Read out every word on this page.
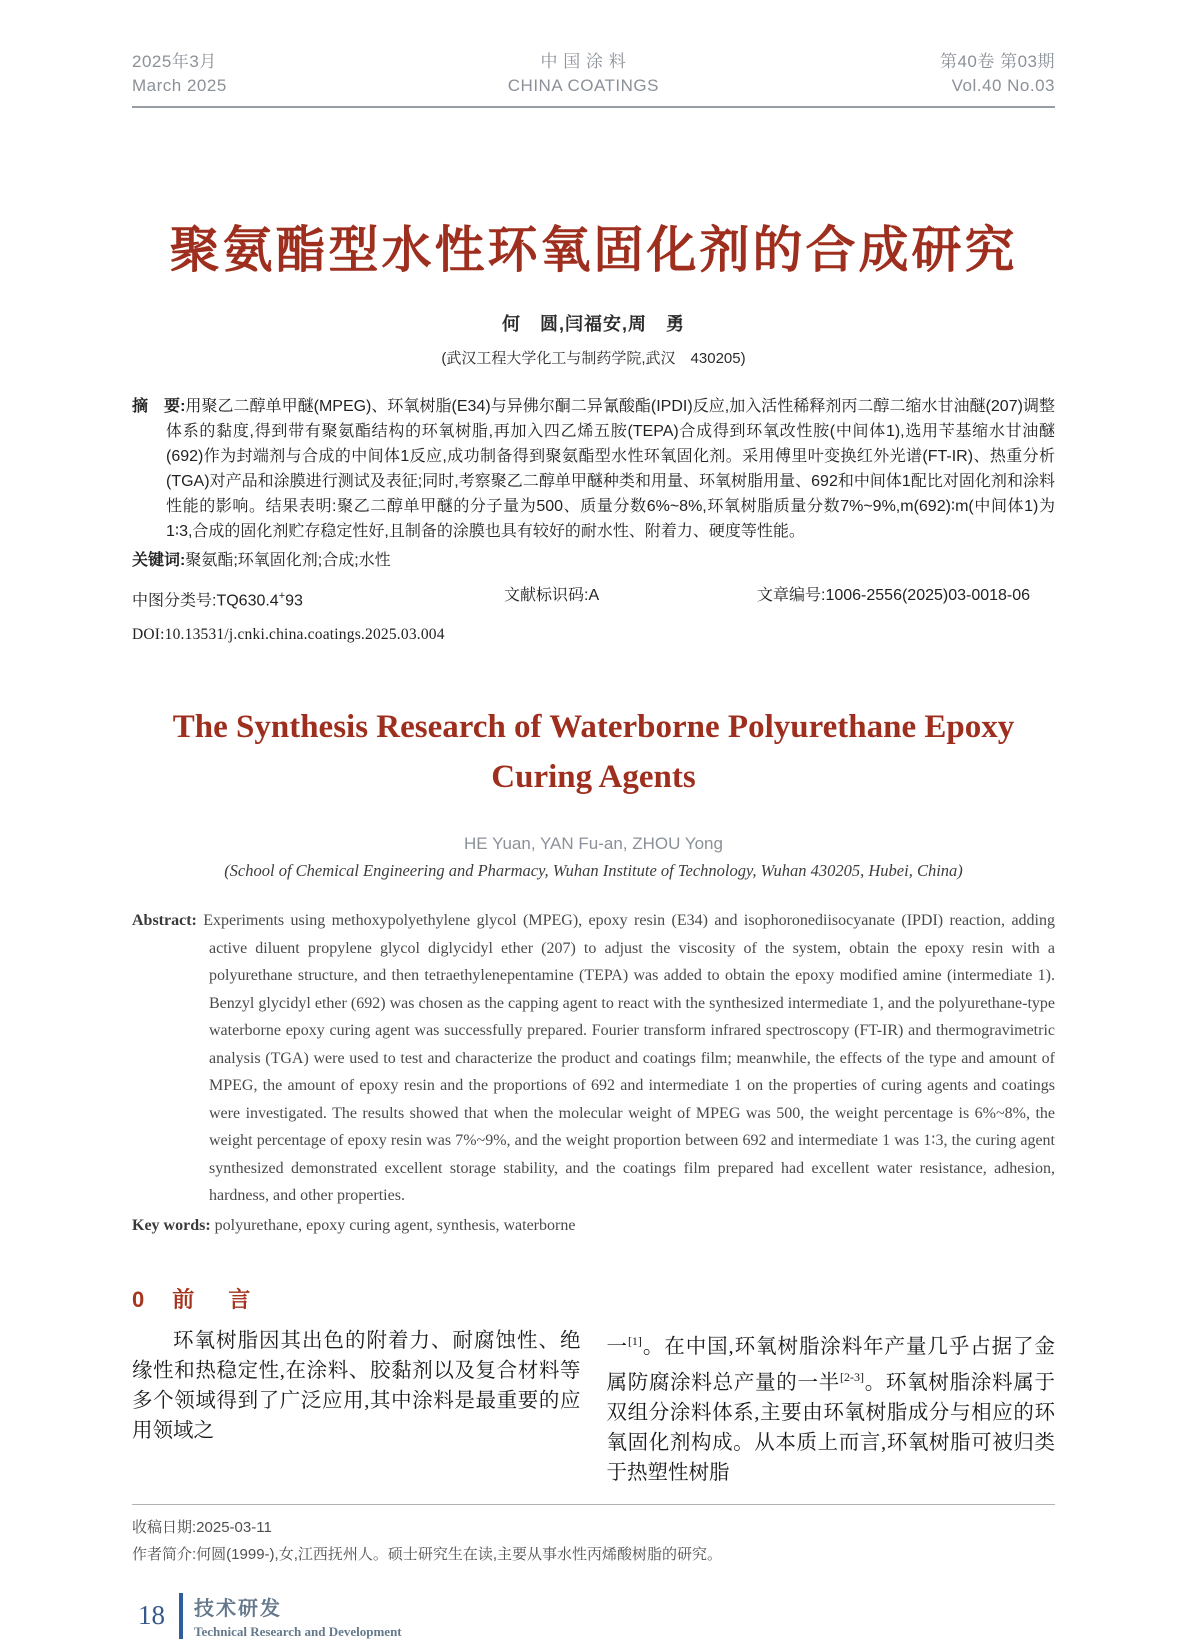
2025年3月
March 2025
中 国 涂 料
CHINA COATINGS
第40卷 第03期
Vol.40 No.03
聚氨酯型水性环氧固化剂的合成研究
何　圆,闫福安,周　勇
(武汉工程大学化工与制药学院,武汉　430205)

摘　要:用聚乙二醇单甲醚(MPEG)、环氧树脂(E34)与异佛尔酮二异氰酸酯(IPDI)反应,加入活性稀释剂丙二醇二缩水甘油醚(207)调整体系的黏度,得到带有聚氨酯结构的环氧树脂,再加入四乙烯五胺(TEPA)合成得到环氧改性胺(中间体1),选用苄基缩水甘油醚(692)作为封端剂与合成的中间体1反应,成功制备得到聚氨酯型水性环氧固化剂。采用傅里叶变换红外光谱(FT-IR)、热重分析(TGA)对产品和涂膜进行测试及表征;同时,考察聚乙二醇单甲醚种类和用量、环氧树脂用量、692和中间体1配比对固化剂和涂料性能的影响。结果表明:聚乙二醇单甲醚的分子量为500、质量分数6%~8%,环氧树脂质量分数7%~9%,m(692)∶m(中间体1)为1∶3,合成的固化剂贮存稳定性好,且制备的涂膜也具有较好的耐水性、附着力、硬度等性能。

关键词:聚氨酯;环氧固化剂;合成;水性

中图分类号:TQ630.4+93	文献标识码:A	文章编号:1006-2556(2025)03-0018-06
DOI:10.13531/j.cnki.china.coatings.2025.03.004
The Synthesis Research of Waterborne Polyurethane Epoxy
Curing Agents
HE Yuan, YAN Fu-an, ZHOU Yong
(School of Chemical Engineering and Pharmacy, Wuhan Institute of Technology, Wuhan 430205, Hubei, China)

Abstract: Experiments using methoxypolyethylene glycol (MPEG), epoxy resin (E34) and isophoronediisocyanate (IPDI) reaction, adding active diluent propylene glycol diglycidyl ether (207) to adjust the viscosity of the system, obtain the epoxy resin with a polyurethane structure, and then tetraethylenepentamine (TEPA) was added to obtain the epoxy modified amine (intermediate 1). Benzyl glycidyl ether (692) was chosen as the capping agent to react with the synthesized intermediate 1, and the polyurethane-type waterborne epoxy curing agent was successfully prepared. Fourier transform infrared spectroscopy (FT-IR) and thermogravimetric analysis (TGA) were used to test and characterize the product and coatings film; meanwhile, the effects of the type and amount of MPEG, the amount of epoxy resin and the proportions of 692 and intermediate 1 on the properties of curing agents and coatings were investigated. The results showed that when the molecular weight of MPEG was 500, the weight percentage is 6%~8%, the weight percentage of epoxy resin was 7%~9%, and the weight proportion between 692 and intermediate 1 was 1∶3, the curing agent synthesized demonstrated excellent storage stability, and the coatings film prepared had excellent water resistance, adhesion, hardness, and other properties.

Key words: polyurethane, epoxy curing agent, synthesis, waterborne

0 前 言

环氧树脂因其出色的附着力、耐腐蚀性、绝缘性和热稳定性,在涂料、胶黏剂以及复合材料等多个领域得到了广泛应用,其中涂料是最重要的应用领域之

一[1]。在中国,环氧树脂涂料年产量几乎占据了金属防腐涂料总产量的一半[2-3]。环氧树脂涂料属于双组分涂料体系,主要由环氧树脂成分与相应的环氧固化剂构成。从本质上而言,环氧树脂可被归类于热塑性树脂

收稿日期:2025-03-11
作者简介:何圆(1999-),女,江西抚州人。硕士研究生在读,主要从事水性丙烯酸树脂的研究。
18 技术研发
Technical Research and Development
